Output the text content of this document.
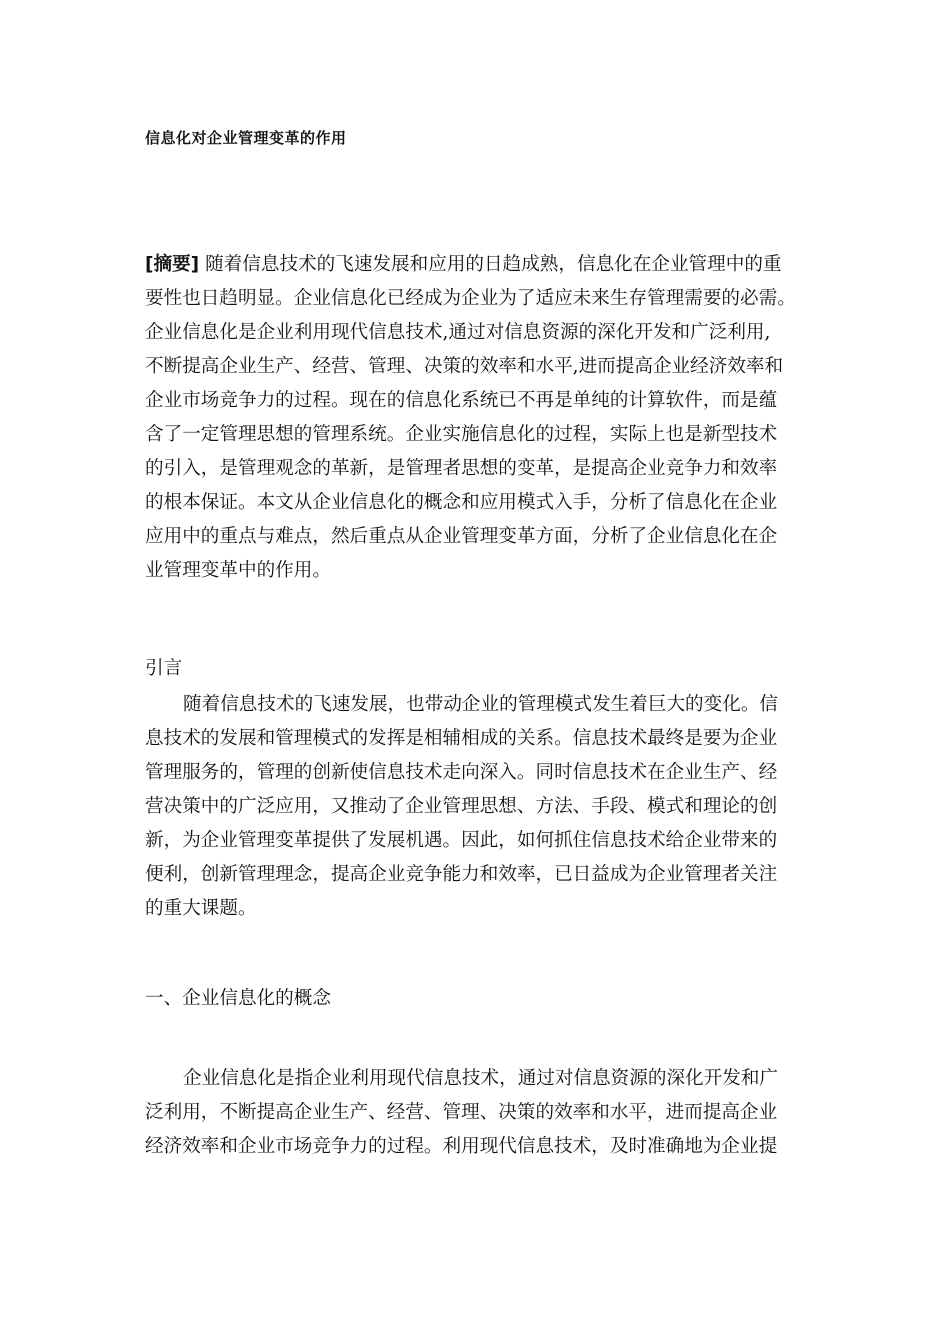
信息化对企业管理变革的作用
[摘要] 随着信息技术的飞速发展和应用的日趋成熟，信息化在企业管理中的重
要性也日趋明显。企业信息化已经成为企业为了适应未来生存管理需要的必需。
企业信息化是企业利用现代信息技术,通过对信息资源的深化开发和广泛利用,
不断提高企业生产、经营、管理、决策的效率和水平,进而提高企业经济效率和
企业市场竞争力的过程。现在的信息化系统已不再是单纯的计算软件，而是蕴
含了一定管理思想的管理系统。企业实施信息化的过程，实际上也是新型技术
的引入，是管理观念的革新，是管理者思想的变革，是提高企业竞争力和效率
的根本保证。本文从企业信息化的概念和应用模式入手，分析了信息化在企业
应用中的重点与难点，然后重点从企业管理变革方面，分析了企业信息化在企
业管理变革中的作用。
引言
随着信息技术的飞速发展，也带动企业的管理模式发生着巨大的变化。信
息技术的发展和管理模式的发挥是相辅相成的关系。信息技术最终是要为企业
管理服务的，管理的创新使信息技术走向深入。同时信息技术在企业生产、经
营决策中的广泛应用，又推动了企业管理思想、方法、手段、模式和理论的创
新，为企业管理变革提供了发展机遇。因此，如何抓住信息技术给企业带来的
便利，创新管理理念，提高企业竞争能力和效率，已日益成为企业管理者关注
的重大课题。
一、企业信息化的概念
企业信息化是指企业利用现代信息技术，通过对信息资源的深化开发和广
泛利用，不断提高企业生产、经营、管理、决策的效率和水平，进而提高企业
经济效率和企业市场竞争力的过程。利用现代信息技术，及时准确地为企业提
